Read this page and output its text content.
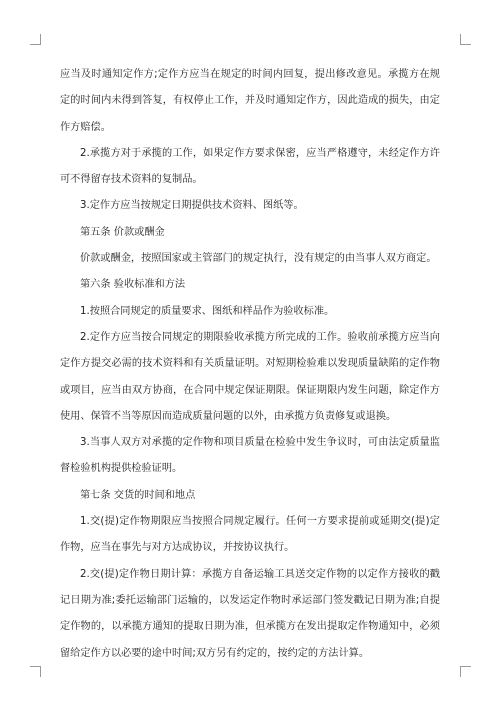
应当及时通知定作方;定作方应当在规定的时间内回复，提出修改意见。承揽方在规定的时间内未得到答复，有权停止工作，并及时通知定作方，因此造成的损失，由定作方赔偿。

2.承揽方对于承揽的工作，如果定作方要求保密，应当严格遵守，未经定作方许可不得留存技术资料的复制品。

3.定作方应当按规定日期提供技术资料、图纸等。

第五条 价款或酬金

价款或酬金，按照国家或主管部门的规定执行，没有规定的由当事人双方商定。

第六条 验收标准和方法

1.按照合同规定的质量要求、图纸和样品作为验收标准。

2.定作方应当按合同规定的期限验收承揽方所完成的工作。验收前承揽方应当向定作方提交必需的技术资料和有关质量证明。对短期检验难以发现质量缺陷的定作物或项目，应当由双方协商，在合同中规定保证期限。保证期限内发生问题，除定作方使用、保管不当等原因而造成质量问题的以外，由承揽方负责修复或退换。

3.当事人双方对承揽的定作物和项目质量在检验中发生争议时，可由法定质量监督检验机构提供检验证明。

第七条 交货的时间和地点

1.交(提)定作物期限应当按照合同规定履行。任何一方要求提前或延期交(提)定作物，应当在事先与对方达成协议，并按协议执行。

2.交(提)定作物日期计算：承揽方自备运输工具送交定作物的以定作方接收的戳记日期为准;委托运输部门运输的，以发运定作物时承运部门签发戳记日期为准;自提定作物的，以承揽方通知的提取日期为准，但承揽方在发出提取定作物通知中，必须留给定作方以必要的途中时间;双方另有约定的，按约定的方法计算。
